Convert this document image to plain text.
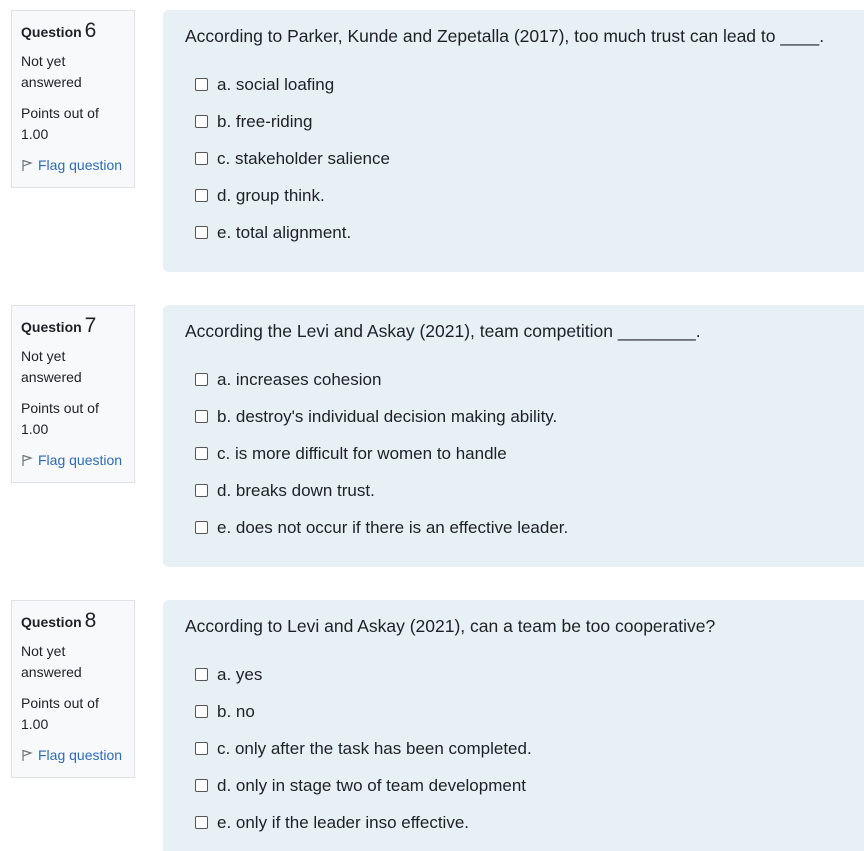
Question 6
Not yet answered
Points out of 1.00
Flag question
According to Parker, Kunde and Zepetalla (2017), too much trust can lead to ____.
a. social loafing
b. free-riding
c. stakeholder salience
d. group think.
e. total alignment.
Question 7
Not yet answered
Points out of 1.00
Flag question
According the Levi and Askay (2021), team competition ________.
a. increases cohesion
b. destroy's individual decision making ability.
c. is more difficult for women to handle
d. breaks down trust.
e. does not occur if there is an effective leader.
Question 8
Not yet answered
Points out of 1.00
Flag question
According to Levi and Askay (2021), can a team be too cooperative?
a. yes
b. no
c. only after the task has been completed.
d. only in stage two of team development
e. only if the leader inso effective.
